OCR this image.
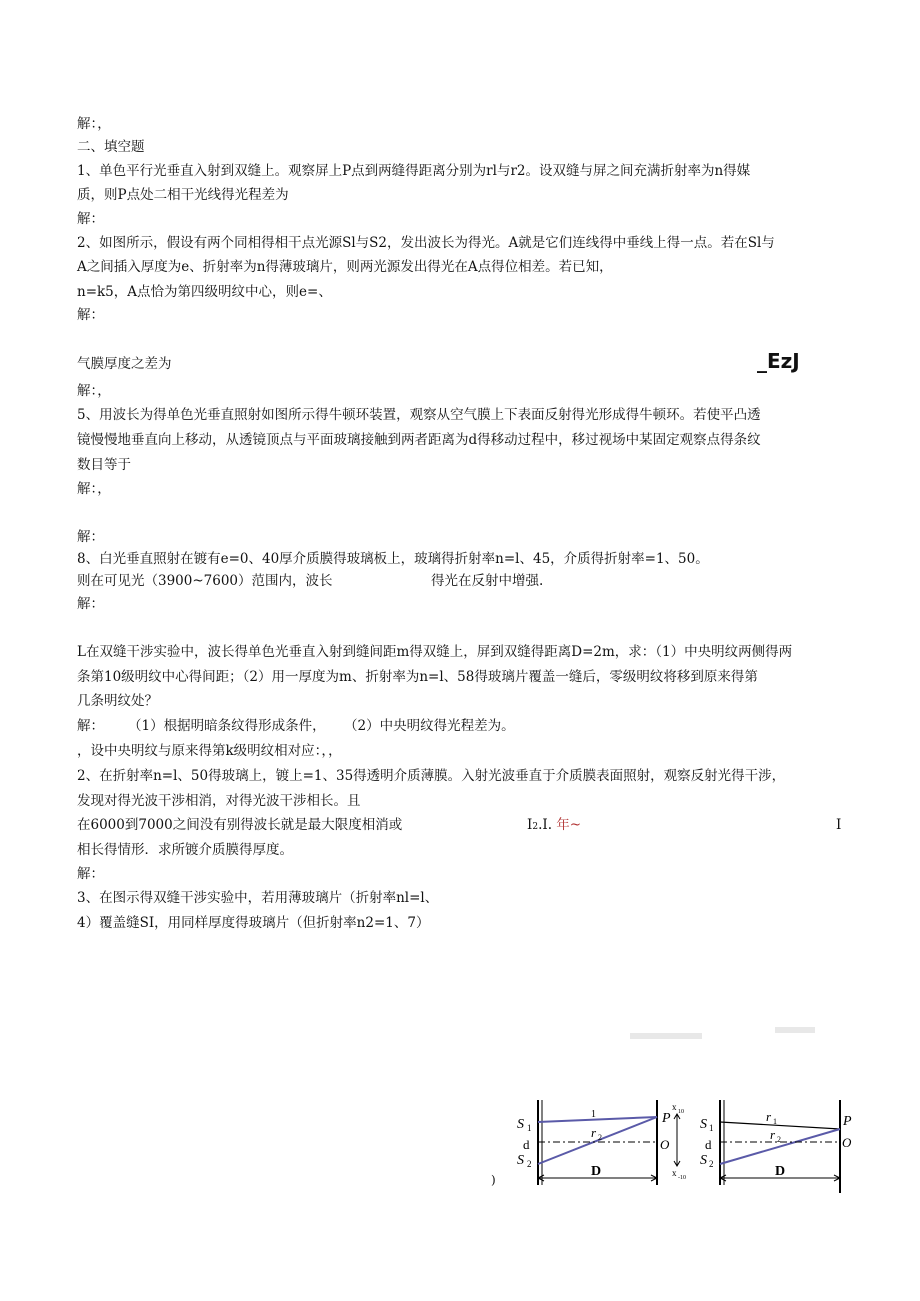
解：，
二、填空题
1、单色平行光垂直入射到双缝上。观察屏上P点到两缝得距离分别为rl与r2。设双缝与屏之间充满折射率为n得媒
质，则P点处二相干光线得光程差为
解：
2、如图所示，假设有两个同相得相干点光源Sl与S2，发出波长为得光。A就是它们连线得中垂线上得一点。若在Sl与
A之间插入厚度为e、折射率为n得薄玻璃片，则两光源发出得光在A点得位相差。若已知，
n=k5，A点恰为第四级明纹中心，则e=、
解：
气膜厚度之差为	_EzJ
解：，
5、用波长为得单色光垂直照射如图所示得牛顿环装置，观察从空气膜上下表面反射得光形成得牛顿环。若使平凸透
镜慢慢地垂直向上移动，从透镜顶点与平面玻璃接触到两者距离为d得移动过程中，移过视场中某固定观察点得条纹
数目等于
解：，
解：
8、白光垂直照射在镀有e=0、40厚介质膜得玻璃板上，玻璃得折射率n=l、45，介质得折射率=1、50。
则在可见光（3900~7600）范围内，波长	得光在反射中增强.
解：
L在双缝干涉实验中，波长得单色光垂直入射到缝间距m得双缝上，屏到双缝得距离D=2m，求：（1）中央明纹两侧得两
条第10级明纹中心得间距；（2）用一厚度为m、折射率为n=l、58得玻璃片覆盖一缝后，零级明纹将移到原来得第
几条明纹处？
解： （1）根据明暗条纹得形成条件， （2）中央明纹得光程差为。
，设中央明纹与原来得第k级明纹相对应：，，
2、在折射率n=l、50得玻璃上，镀上=1、35得透明介质薄膜。入射光波垂直于介质膜表面照射，观察反射光得干涉，
发现对得光波干涉相消，对得光波干涉相长。且
在6000到7000之间没有别得波长就是最大限度相消或	I2.I. 年~	I
相长得情形．求所镀介质膜得厚度。
解：
3、在图示得双缝干涉实验中，若用薄玻璃片（折射率nl=l、
4）覆盖缝SI，用同样厚度得玻璃片（但折射率n2=1、7）
)
S 1
S 2
d
1
r 2
P
O
D
x 10
x -10
S 1
S 2
d
r 1
r 2
P
O
D
